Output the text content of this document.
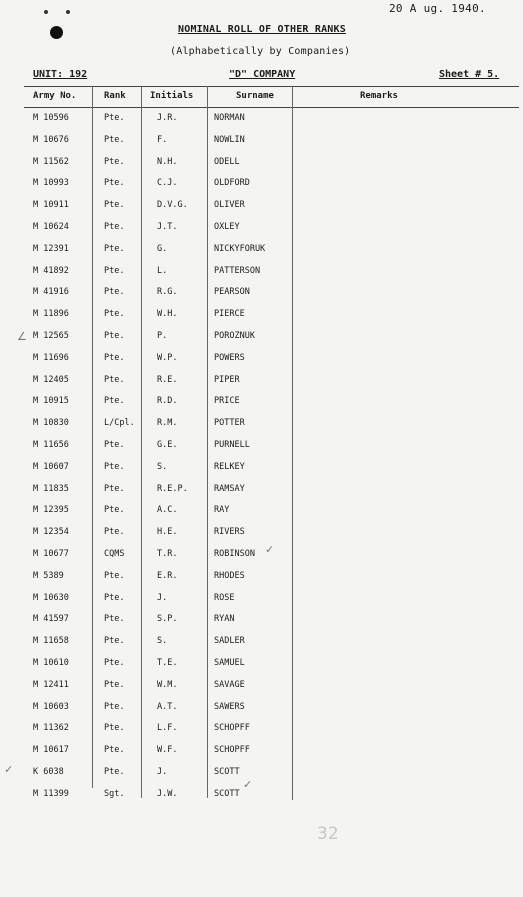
20 A ug. 1940.
NOMINAL ROLL OF OTHER RANKS
(Alphabetically by Companies)
UNIT: 192	"D" COMPANY	Sheet # 5.
Army No.	Rank	Initials	Surname	Remarks
M 10596	Pte.	J.R.	NORMAN
M 10676	Pte.	F.	NOWLIN
M 11562	Pte.	N.H.	ODELL
M 10993	Pte.	C.J.	OLDFORD
M 10911	Pte.	D.V.G.	OLIVER
M 10624	Pte.	J.T.	OXLEY
M 12391	Pte.	G.	NICKYFORUK
M 41892	Pte.	L.	PATTERSON
M 41916	Pte.	R.G.	PEARSON
M 11896	Pte.	W.H.	PIERCE
M 12565	Pte.	P.	POROZNUK
M 11696	Pte.	W.P.	POWERS
M 12405	Pte.	R.E.	PIPER
M 10915	Pte.	R.D.	PRICE
M 10830	L/Cpl.	R.M.	POTTER
M 11656	Pte.	G.E.	PURNELL
M 10607	Pte.	S.	RELKEY
M 11835	Pte.	R.E.P.	RAMSAY
M 12395	Pte.	A.C.	RAY
M 12354	Pte.	H.E.	RIVERS
M 10677	CQMS	T.R.	ROBINSON
M 5389	Pte.	E.R.	RHODES
M 10630	Pte.	J.	ROSE
M 41597	Pte.	S.P.	RYAN
M 11658	Pte.	S.	SADLER
M 10610	Pte.	T.E.	SAMUEL
M 12411	Pte.	W.M.	SAVAGE
M 10603	Pte.	A.T.	SAWERS
M 11362	Pte.	L.F.	SCHOPFF
M 10617	Pte.	W.F.	SCHOPFF
K 6038	Pte.	J.	SCOTT
M 11399	Sgt.	J.W.	SCOTT
∠
✓
✓
✓
32
